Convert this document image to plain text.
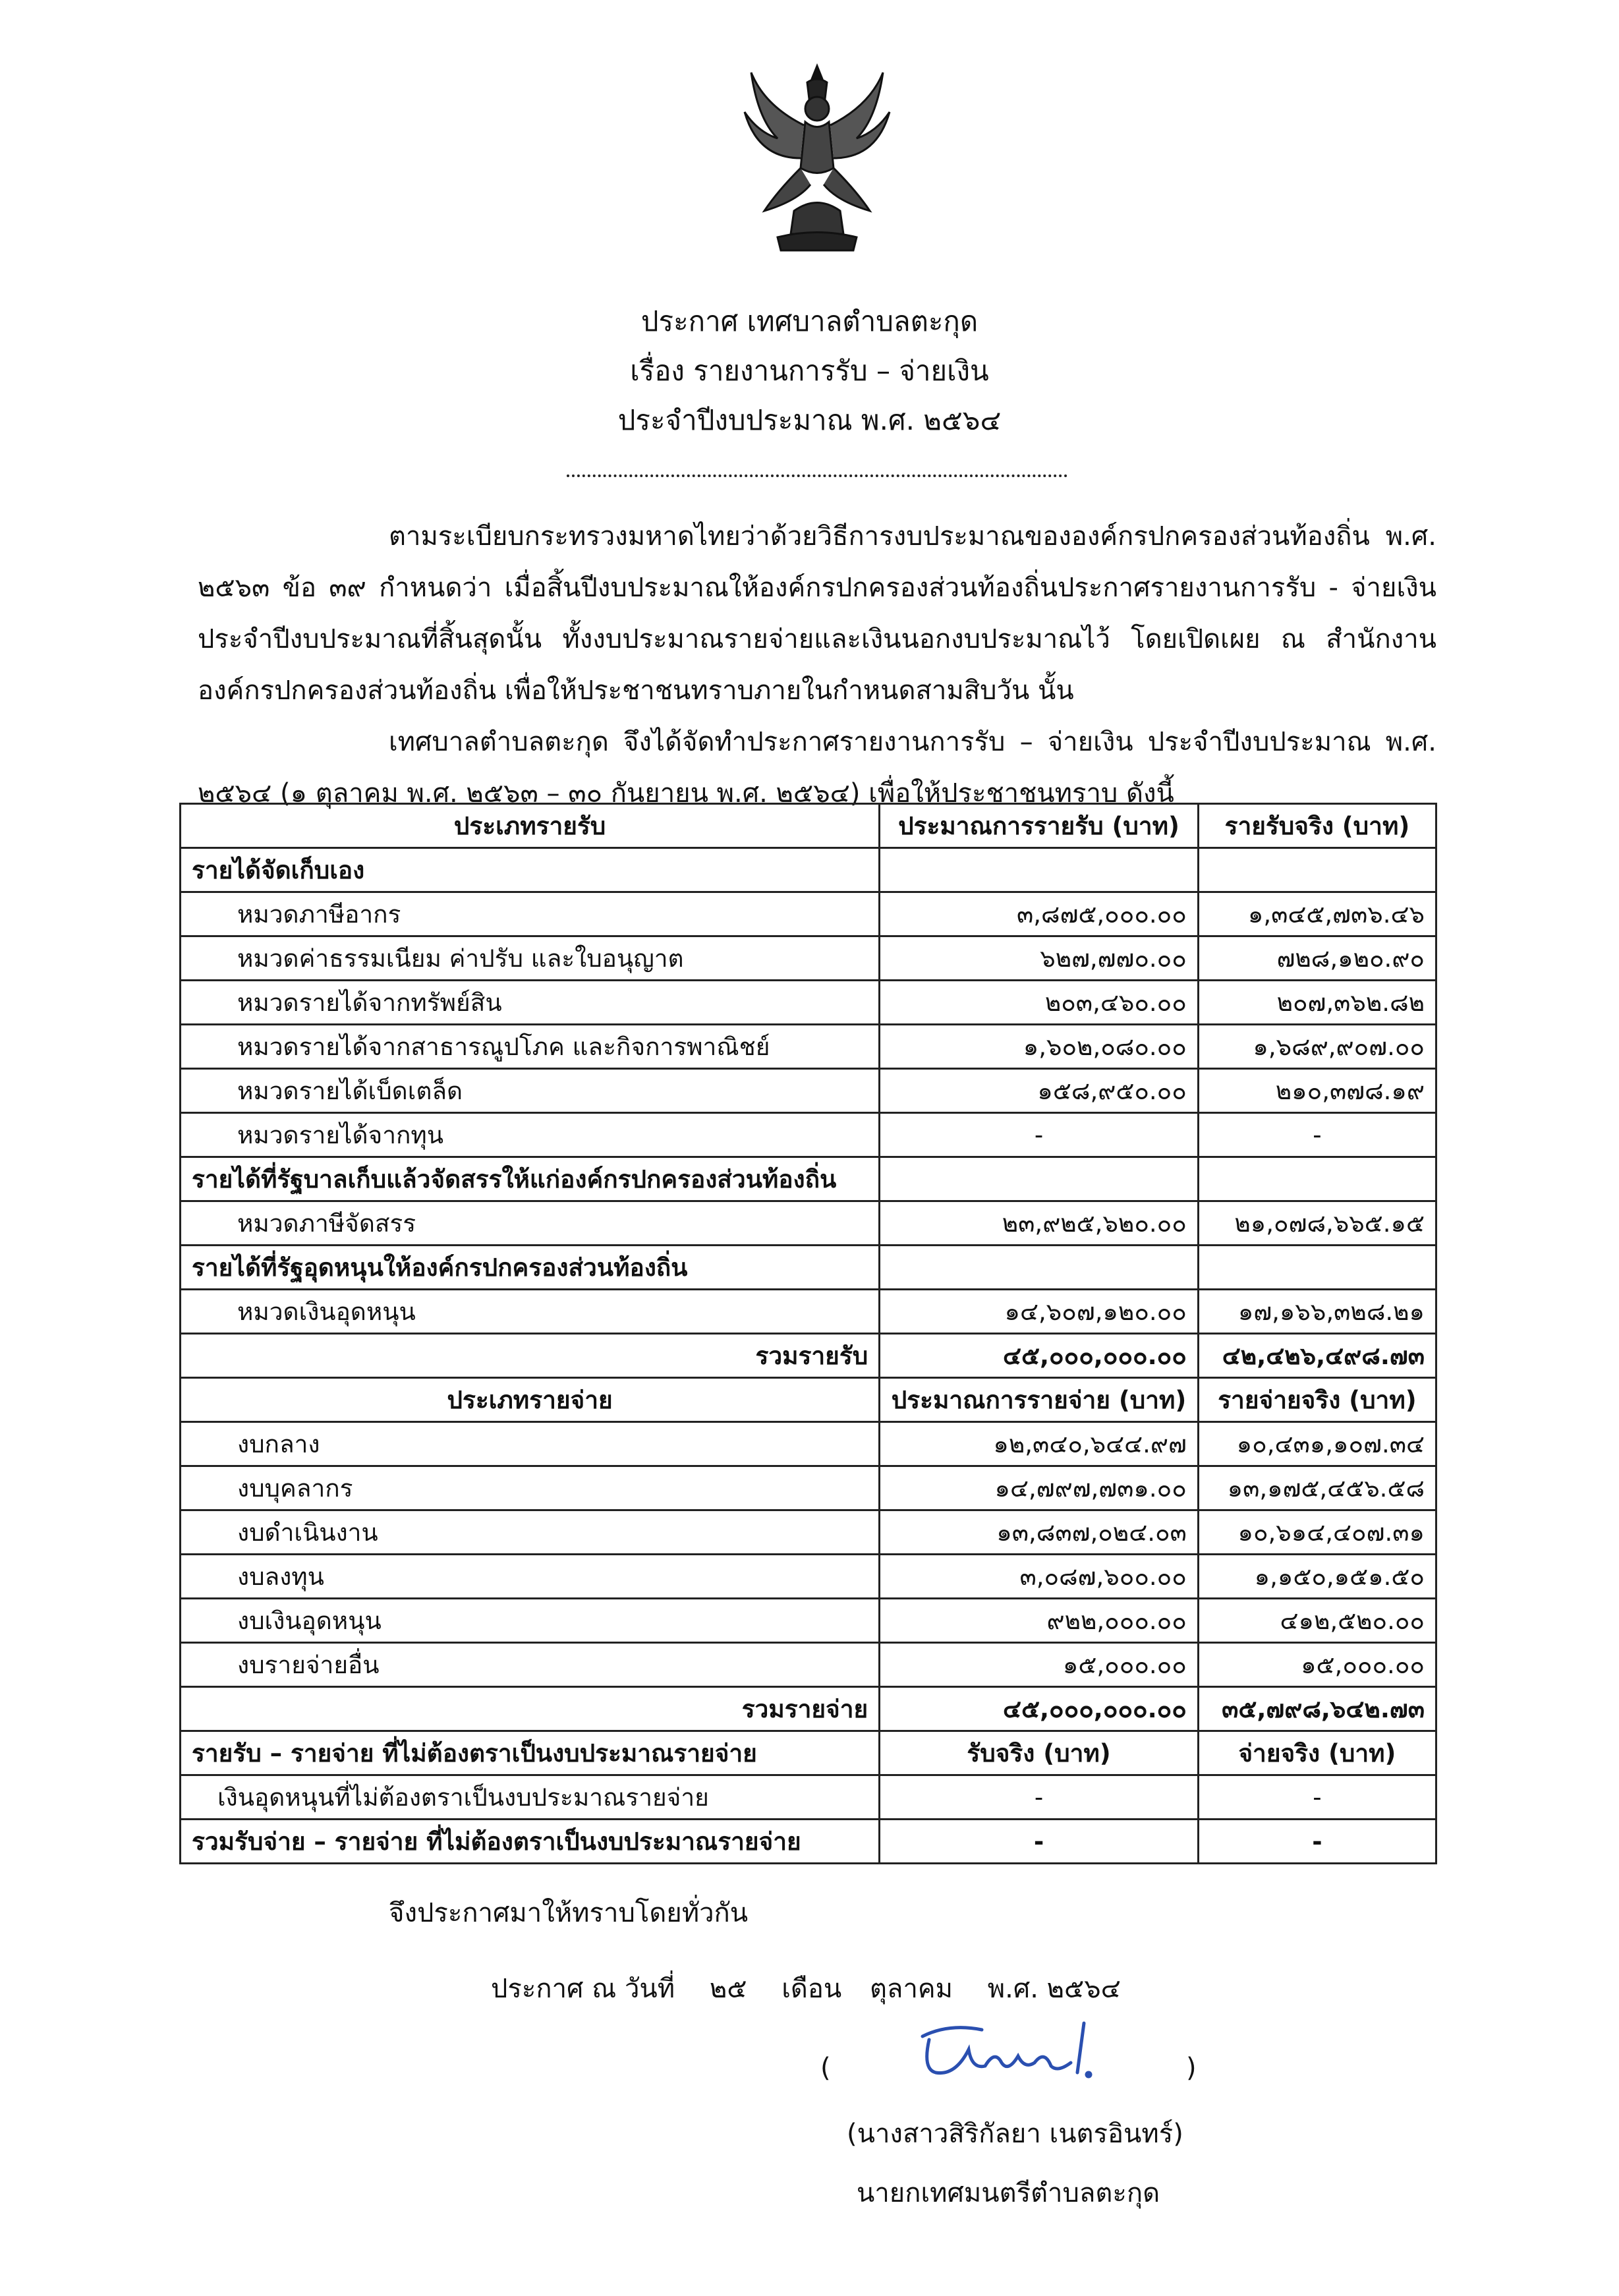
ประกาศ เทศบาลตำบลตะกุด
เรื่อง รายงานการรับ – จ่ายเงิน
ประจำปีงบประมาณ พ.ศ. ๒๕๖๔

ตามระเบียบกระทรวงมหาดไทยว่าด้วยวิธีการงบประมาณขององค์กรปกครองส่วนท้องถิ่น พ.ศ. ๒๕๖๓ ข้อ ๓๙ กำหนดว่า เมื่อสิ้นปีงบประมาณให้องค์กรปกครองส่วนท้องถิ่นประกาศรายงานการรับ - จ่ายเงิน ประจำปีงบประมาณที่สิ้นสุดนั้น ทั้งงบประมาณรายจ่ายและเงินนอกงบประมาณไว้ โดยเปิดเผย ณ สำนักงานองค์กรปกครองส่วนท้องถิ่น เพื่อให้ประชาชนทราบภายในกำหนดสามสิบวัน นั้น

เทศบาลตำบลตะกุด จึงได้จัดทำประกาศรายงานการรับ – จ่ายเงิน ประจำปีงบประมาณ พ.ศ. ๒๕๖๔ (๑ ตุลาคม พ.ศ. ๒๕๖๓ – ๓๐ กันยายน พ.ศ. ๒๕๖๔) เพื่อให้ประชาชนทราบ ดังนี้

ประเภทรายรับ	ประมาณการรายรับ (บาท)	รายรับจริง (บาท)
รายได้จัดเก็บเอง		
หมวดภาษีอากร	๓,๘๗๕,๐๐๐.๐๐	๑,๓๔๕,๗๓๖.๔๖
หมวดค่าธรรมเนียม ค่าปรับ และใบอนุญาต	๖๒๗,๗๗๐.๐๐	๗๒๘,๑๒๐.๙๐
หมวดรายได้จากทรัพย์สิน	๒๐๓,๔๖๐.๐๐	๒๐๗,๓๖๒.๘๒
หมวดรายได้จากสาธารณูปโภค และกิจการพาณิชย์	๑,๖๐๒,๐๘๐.๐๐	๑,๖๘๙,๙๐๗.๐๐
หมวดรายได้เบ็ดเตล็ด	๑๕๘,๙๕๐.๐๐	๒๑๐,๓๗๘.๑๙
หมวดรายได้จากทุน	-	-
รายได้ที่รัฐบาลเก็บแล้วจัดสรรให้แก่องค์กรปกครองส่วนท้องถิ่น		
หมวดภาษีจัดสรร	๒๓,๙๒๕,๖๒๐.๐๐	๒๑,๐๗๘,๖๖๕.๑๕
รายได้ที่รัฐอุดหนุนให้องค์กรปกครองส่วนท้องถิ่น		
หมวดเงินอุดหนุน	๑๔,๖๐๗,๑๒๐.๐๐	๑๗,๑๖๖,๓๒๘.๒๑
รวมรายรับ	๔๕,๐๐๐,๐๐๐.๐๐	๔๒,๔๒๖,๔๙๘.๗๓
ประเภทรายจ่าย	ประมาณการรายจ่าย (บาท)	รายจ่ายจริง (บาท)
งบกลาง	๑๒,๓๔๐,๖๔๔.๙๗	๑๐,๔๓๑,๑๐๗.๓๔
งบบุคลากร	๑๔,๗๙๗,๗๓๑.๐๐	๑๓,๑๗๕,๔๕๖.๕๘
งบดำเนินงาน	๑๓,๘๓๗,๐๒๔.๐๓	๑๐,๖๑๔,๔๐๗.๓๑
งบลงทุน	๓,๐๘๗,๖๐๐.๐๐	๑,๑๕๐,๑๕๑.๕๐
งบเงินอุดหนุน	๙๒๒,๐๐๐.๐๐	๔๑๒,๕๒๐.๐๐
งบรายจ่ายอื่น	๑๕,๐๐๐.๐๐	๑๕,๐๐๐.๐๐
รวมรายจ่าย	๔๕,๐๐๐,๐๐๐.๐๐	๓๕,๗๙๘,๖๔๒.๗๓
รายรับ – รายจ่าย ที่ไม่ต้องตราเป็นงบประมาณรายจ่าย	รับจริง (บาท)	จ่ายจริง (บาท)
เงินอุดหนุนที่ไม่ต้องตราเป็นงบประมาณรายจ่าย	-	-
รวมรับจ่าย – รายจ่าย ที่ไม่ต้องตราเป็นงบประมาณรายจ่าย	-	-
จึงประกาศมาให้ทราบโดยทั่วกัน
ประกาศ ณ วันที่ ๒๕ เดือน ตุลาคม พ.ศ. ๒๕๖๔
(	)
(นางสาวสิริกัลยา เนตรอินทร์)
นายกเทศมนตรีตำบลตะกุด
